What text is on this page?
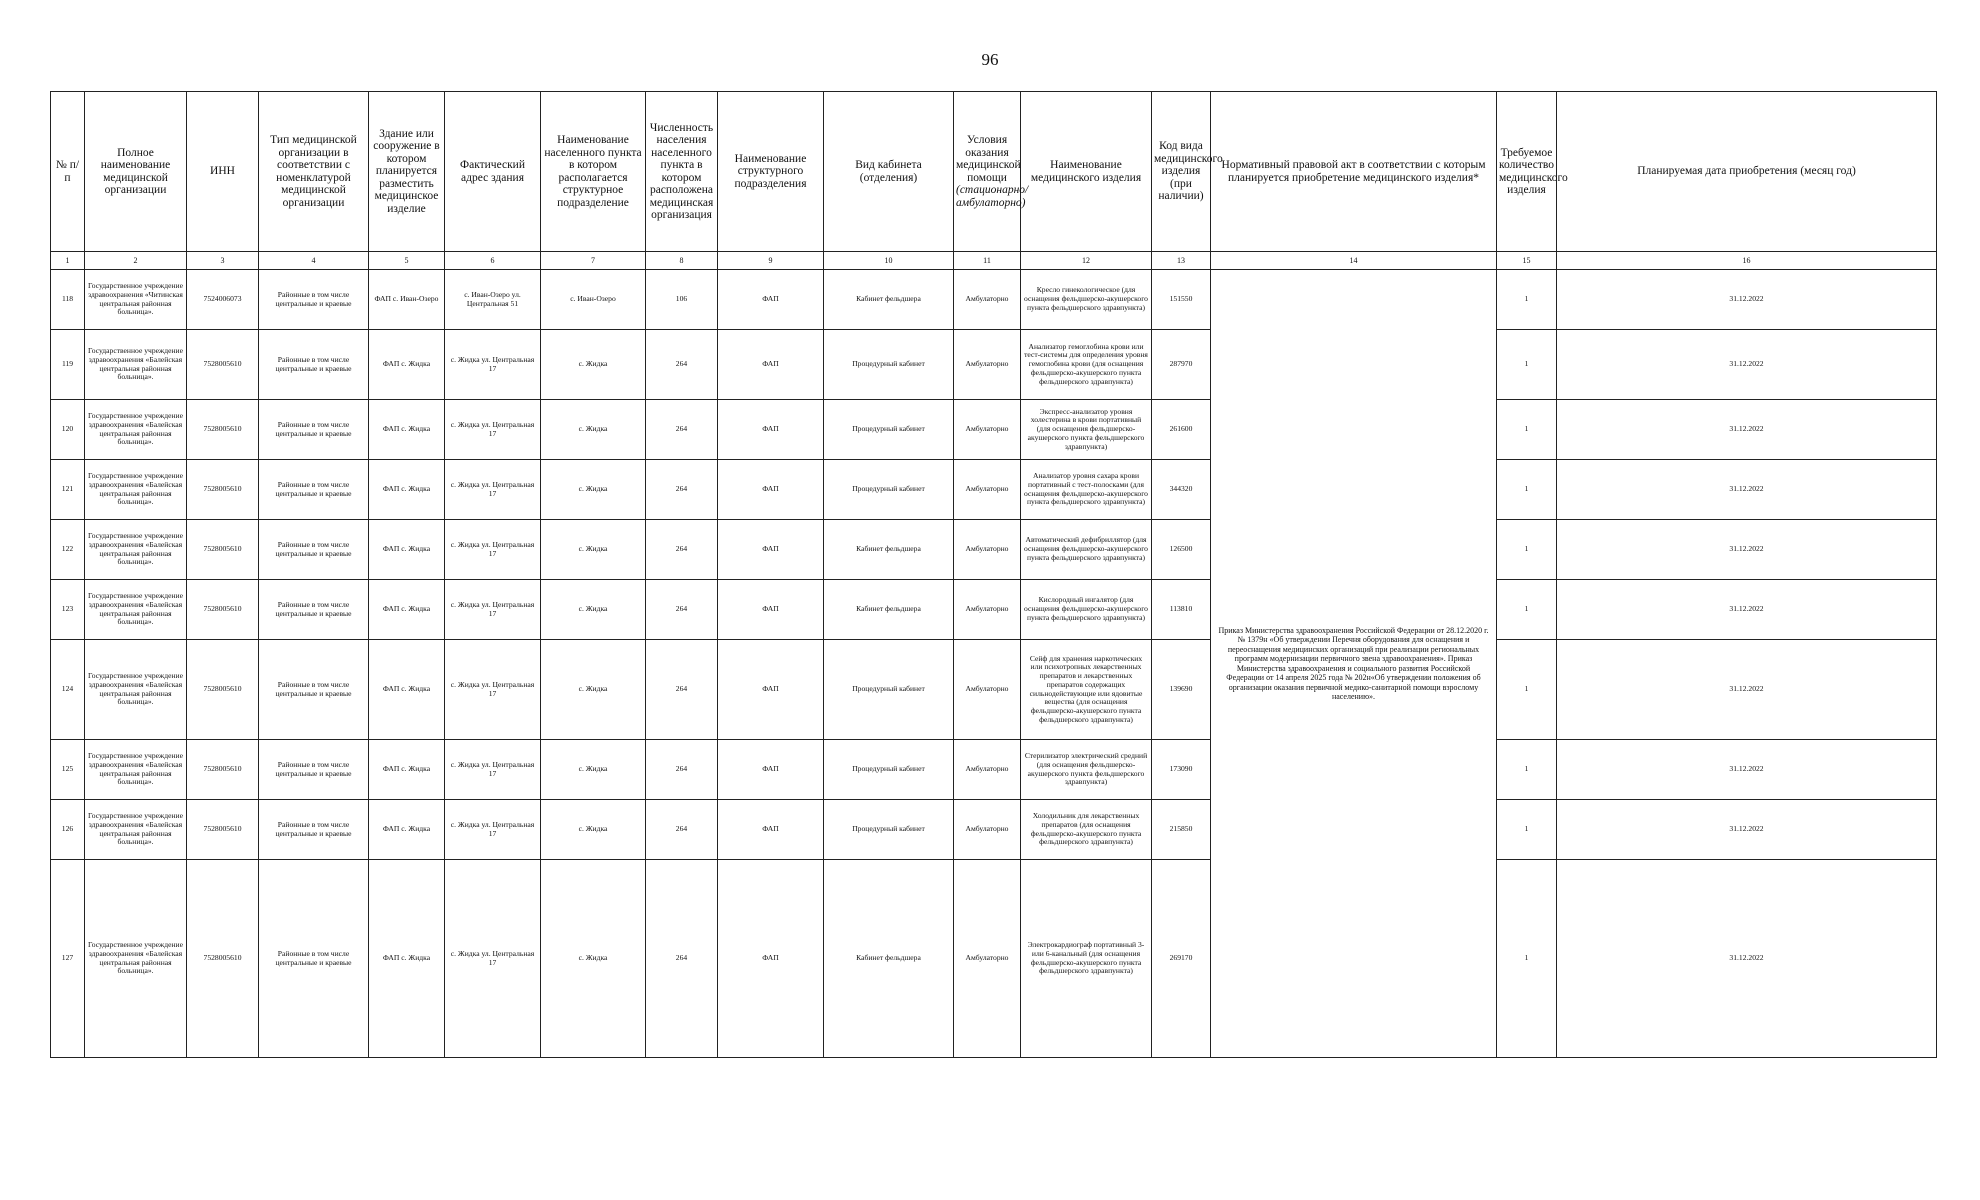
96
№ п/п	Полное наименование медицинской организации	ИНН	Тип медицинской организации в соответствии с номенклатурой медицинской организации	Здание или сооружение в котором планируется разместить медицинское изделие	Фактический адрес здания	Наименование населенного пункта в котором располагается структурное подразделение	Численность населения населенного пункта в котором расположена медицинская организация	Наименование структурного подразделения	Вид кабинета (отделения)	Условия оказания медицинской помощи (стационарно/амбулаторно)	Наименование медицинского изделия	Код вида медицинского изделия (при наличии)	Нормативный правовой акт в соответствии с которым планируется приобретение медицинского изделия*	Требуемое количество медицинского изделия	Планируемая дата приобретения (месяц год)
1	2	3	4	5	6	7	8	9	10	11	12	13	14	15	16
118	Государственное учреждение здравоохранения «Читинская центральная районная больница».	7524006073	Районные в том числе центральные и краевые	ФАП с. Иван-Озеро	с. Иван-Озеро ул. Центральная 51	с. Иван-Озеро	106	ФАП	Кабинет фельдшера	Амбулаторно	Кресло гинекологическое (для оснащения фельдшерско-акушерского пункта фельдшерского здравпункта)	151550	Приказ Министерства здравоохранения Российской Федерации от 28.12.2020 г. № 1379н «Об утверждении Перечня оборудования для оснащения и переоснащения медицинских организаций при реализации региональных программ модернизации первичного звена здравоохранения». Приказ Министерства здравоохранения и социального развития Российской Федерации от 14 апреля 2025 года № 202н«Об утверждении положения об организации оказания первичной медико-санитарной помощи взрослому населению».	1	31.12.2022
119	Государственное учреждение здравоохранения «Балейская центральная районная больница».	7528005610	Районные в том числе центральные и краевые	ФАП с. Жидка	с. Жидка ул. Центральная 17	с. Жидка	264	ФАП	Процедурный кабинет	Амбулаторно	Анализатор гемоглобина крови или тест-системы для определения уровня гемоглобина крови (для оснащения фельдшерско-акушерского пункта фельдшерского здравпункта)	287970		1	31.12.2022
120	Государственное учреждение здравоохранения «Балейская центральная районная больница».	7528005610	Районные в том числе центральные и краевые	ФАП с. Жидка	с. Жидка ул. Центральная 17	с. Жидка	264	ФАП	Процедурный кабинет	Амбулаторно	Экспресс-анализатор уровня холестерина в крови портативный (для оснащения фельдшерско-акушерского пункта фельдшерского здравпункта)	261600		1	31.12.2022
121	Государственное учреждение здравоохранения «Балейская центральная районная больница».	7528005610	Районные в том числе центральные и краевые	ФАП с. Жидка	с. Жидка ул. Центральная 17	с. Жидка	264	ФАП	Процедурный кабинет	Амбулаторно	Анализатор уровня сахара крови портативный с тест-полосками (для оснащения фельдшерско-акушерского пункта фельдшерского здравпункта)	344320		1	31.12.2022
122	Государственное учреждение здравоохранения «Балейская центральная районная больница».	7528005610	Районные в том числе центральные и краевые	ФАП с. Жидка	с. Жидка ул. Центральная 17	с. Жидка	264	ФАП	Кабинет фельдшера	Амбулаторно	Автоматический дефибриллятор (для оснащения фельдшерско-акушерского пункта фельдшерского здравпункта)	126500		1	31.12.2022
123	Государственное учреждение здравоохранения «Балейская центральная районная больница».	7528005610	Районные в том числе центральные и краевые	ФАП с. Жидка	с. Жидка ул. Центральная 17	с. Жидка	264	ФАП	Кабинет фельдшера	Амбулаторно	Кислородный ингалятор (для оснащения фельдшерско-акушерского пункта фельдшерского здравпункта)	113810		1	31.12.2022
124	Государственное учреждение здравоохранения «Балейская центральная районная больница».	7528005610	Районные в том числе центральные и краевые	ФАП с. Жидка	с. Жидка ул. Центральная 17	с. Жидка	264	ФАП	Процедурный кабинет	Амбулаторно	Сейф для хранения наркотических или психотропных лекарственных препаратов и лекарственных препаратов содержащих сильнодействующие или ядовитые вещества (для оснащения фельдшерско-акушерского пункта фельдшерского здравпункта)	139690		1	31.12.2022
125	Государственное учреждение здравоохранения «Балейская центральная районная больница».	7528005610	Районные в том числе центральные и краевые	ФАП с. Жидка	с. Жидка ул. Центральная 17	с. Жидка	264	ФАП	Процедурный кабинет	Амбулаторно	Стерилизатор электрический средний (для оснащения фельдшерско-акушерского пункта фельдшерского здравпункта)	173090		1	31.12.2022
126	Государственное учреждение здравоохранения «Балейская центральная районная больница».	7528005610	Районные в том числе центральные и краевые	ФАП с. Жидка	с. Жидка ул. Центральная 17	с. Жидка	264	ФАП	Процедурный кабинет	Амбулаторно	Холодильник для лекарственных препаратов (для оснащения фельдшерско-акушерского пункта фельдшерского здравпункта)	215850		1	31.12.2022
127	Государственное учреждение здравоохранения «Балейская центральная районная больница».	7528005610	Районные в том числе центральные и краевые	ФАП с. Жидка	с. Жидка ул. Центральная 17	с. Жидка	264	ФАП	Кабинет фельдшера	Амбулаторно	Электрокардиограф портативный 3- или 6-канальный (для оснащения фельдшерско-акушерского пункта фельдшерского здравпункта)	269170		1	31.12.2022
